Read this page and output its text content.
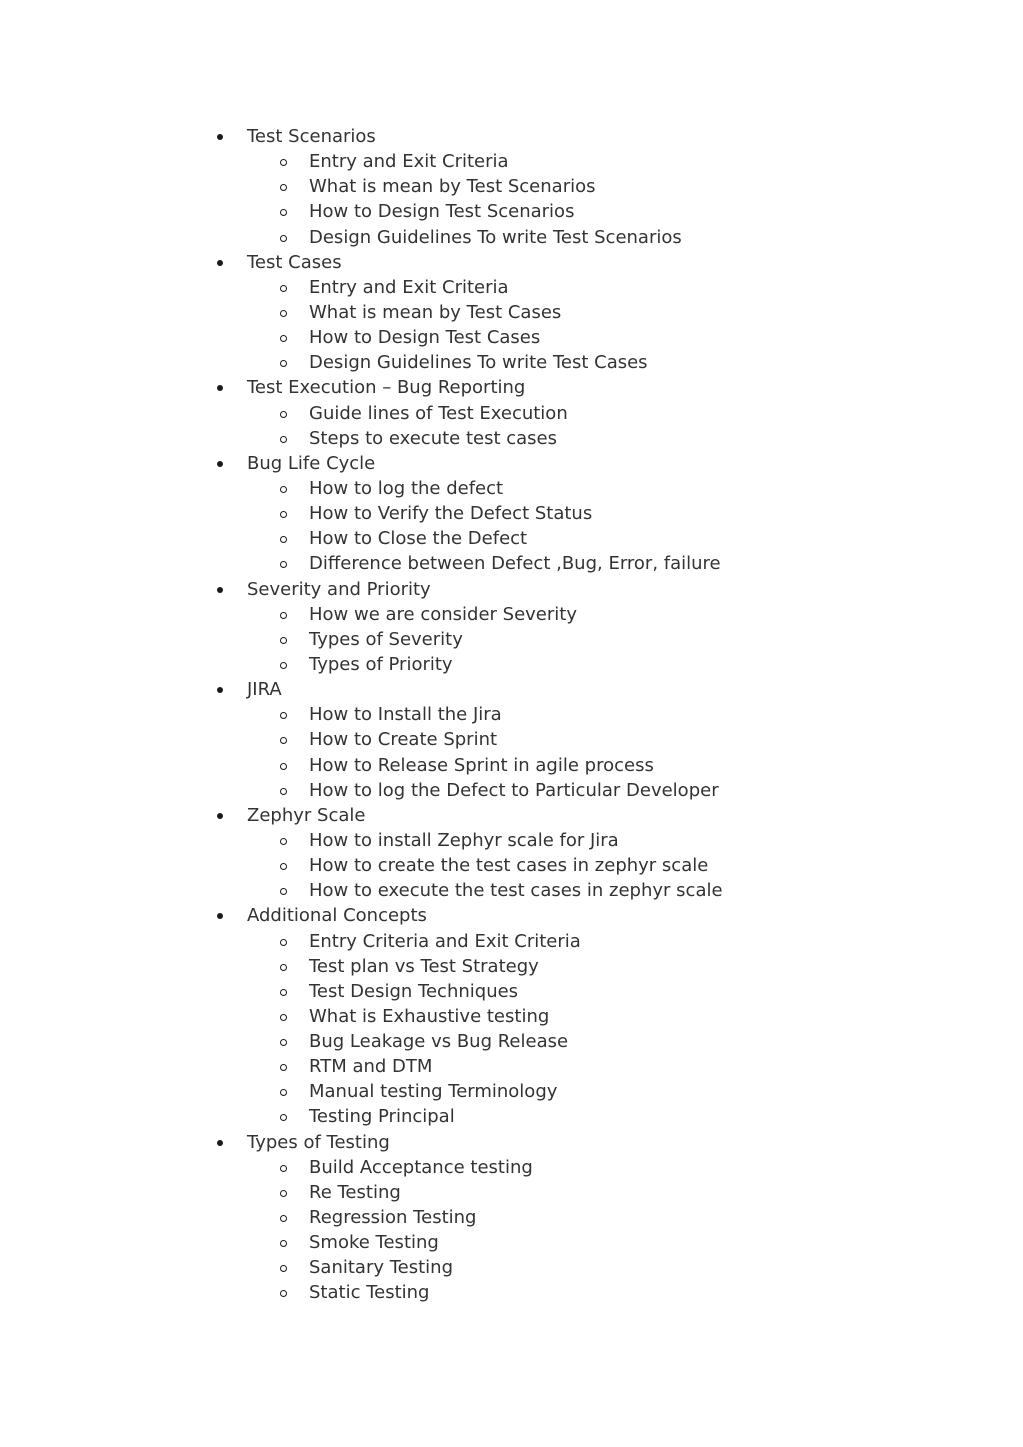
Test Scenarios
Entry and Exit Criteria
What is mean by Test Scenarios
How to Design Test Scenarios
Design Guidelines To write Test Scenarios
Test Cases
Entry and Exit Criteria
What is mean by Test Cases
How to Design Test Cases
Design Guidelines To write Test Cases
Test Execution – Bug Reporting
Guide lines of Test Execution
Steps to execute test cases
Bug Life Cycle
How to log the defect
How to Verify the Defect Status
How to Close the Defect
Difference between Defect ,Bug, Error, failure
Severity and Priority
How we are consider Severity
Types of Severity
Types of Priority
JIRA
How to Install the Jira
How to Create Sprint
How to Release Sprint in agile process
How to log the Defect to Particular Developer
Zephyr Scale
How to install Zephyr scale for Jira
How to create the test cases in zephyr scale
How to execute the test cases in zephyr scale
Additional Concepts
Entry Criteria and Exit Criteria
Test plan vs Test Strategy
Test Design Techniques
What is Exhaustive testing
Bug Leakage vs Bug Release
RTM and DTM
Manual testing Terminology
Testing Principal
Types of Testing
Build Acceptance testing
Re Testing
Regression Testing
Smoke Testing
Sanitary Testing
Static Testing
